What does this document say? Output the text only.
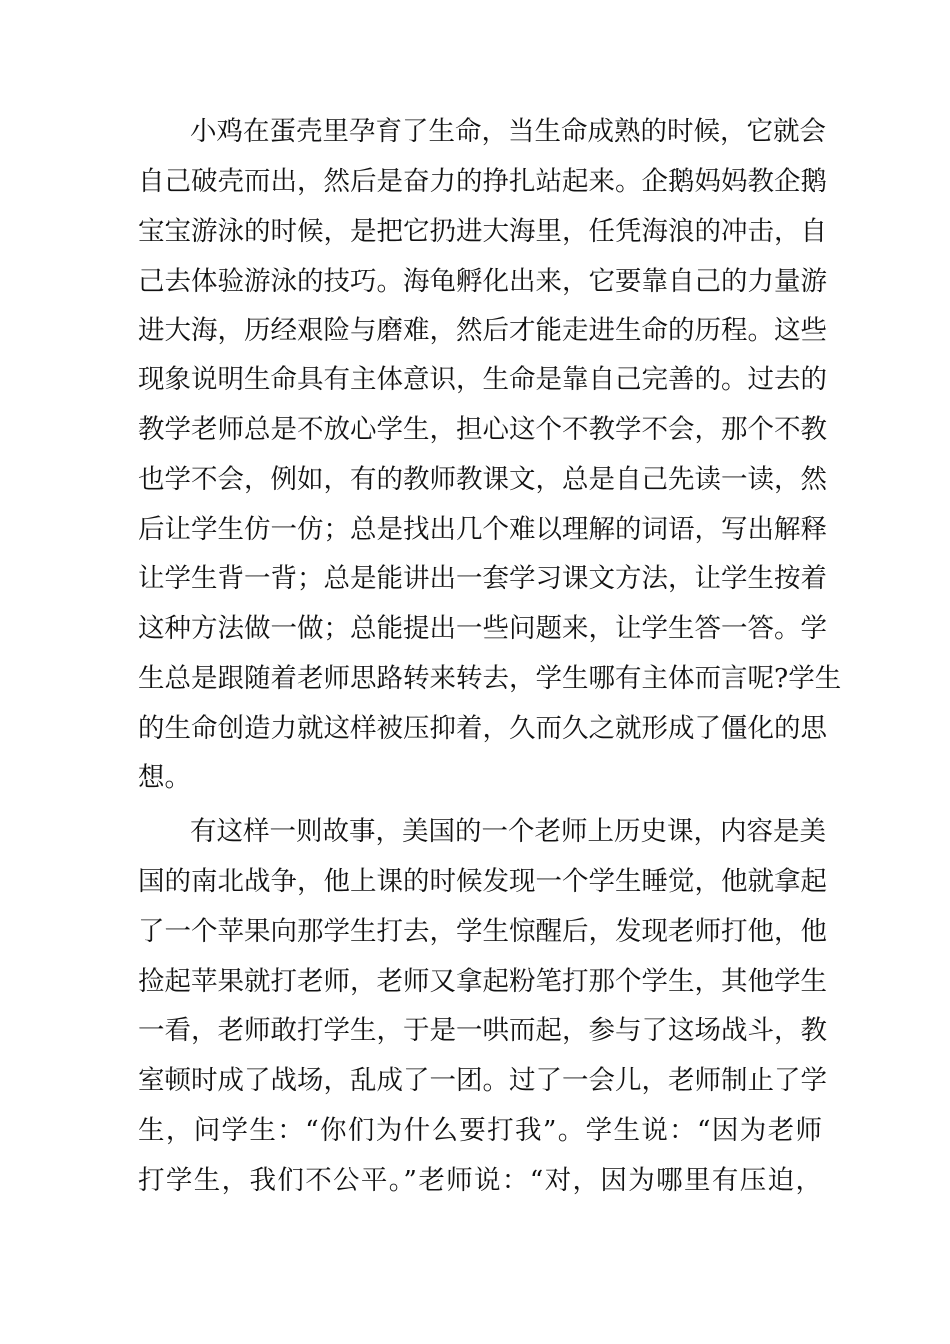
小鸡在蛋壳里孕育了生命，当生命成熟的时候，它就会
自己破壳而出，然后是奋力的挣扎站起来。企鹅妈妈教企鹅
宝宝游泳的时候，是把它扔进大海里，任凭海浪的冲击，自
己去体验游泳的技巧。海龟孵化出来，它要靠自己的力量游
进大海，历经艰险与磨难，然后才能走进生命的历程。这些
现象说明生命具有主体意识，生命是靠自己完善的。过去的
教学老师总是不放心学生，担心这个不教学不会，那个不教
也学不会，例如，有的教师教课文，总是自己先读一读，然
后让学生仿一仿；总是找出几个难以理解的词语，写出解释
让学生背一背；总是能讲出一套学习课文方法，让学生按着
这种方法做一做；总能提出一些问题来，让学生答一答。学
生总是跟随着老师思路转来转去，学生哪有主体而言呢?学生
的生命创造力就这样被压抑着，久而久之就形成了僵化的思
想。
有这样一则故事，美国的一个老师上历史课，内容是美
国的南北战争，他上课的时候发现一个学生睡觉，他就拿起
了一个苹果向那学生打去，学生惊醒后，发现老师打他，他
捡起苹果就打老师，老师又拿起粉笔打那个学生，其他学生
一看，老师敢打学生，于是一哄而起，参与了这场战斗，教
室顿时成了战场，乱成了一团。过了一会儿，老师制止了学
生，问学生：“你们为什么要打我”。学生说：“因为老师
打学生，我们不公平。”老师说：“对，因为哪里有压迫，
